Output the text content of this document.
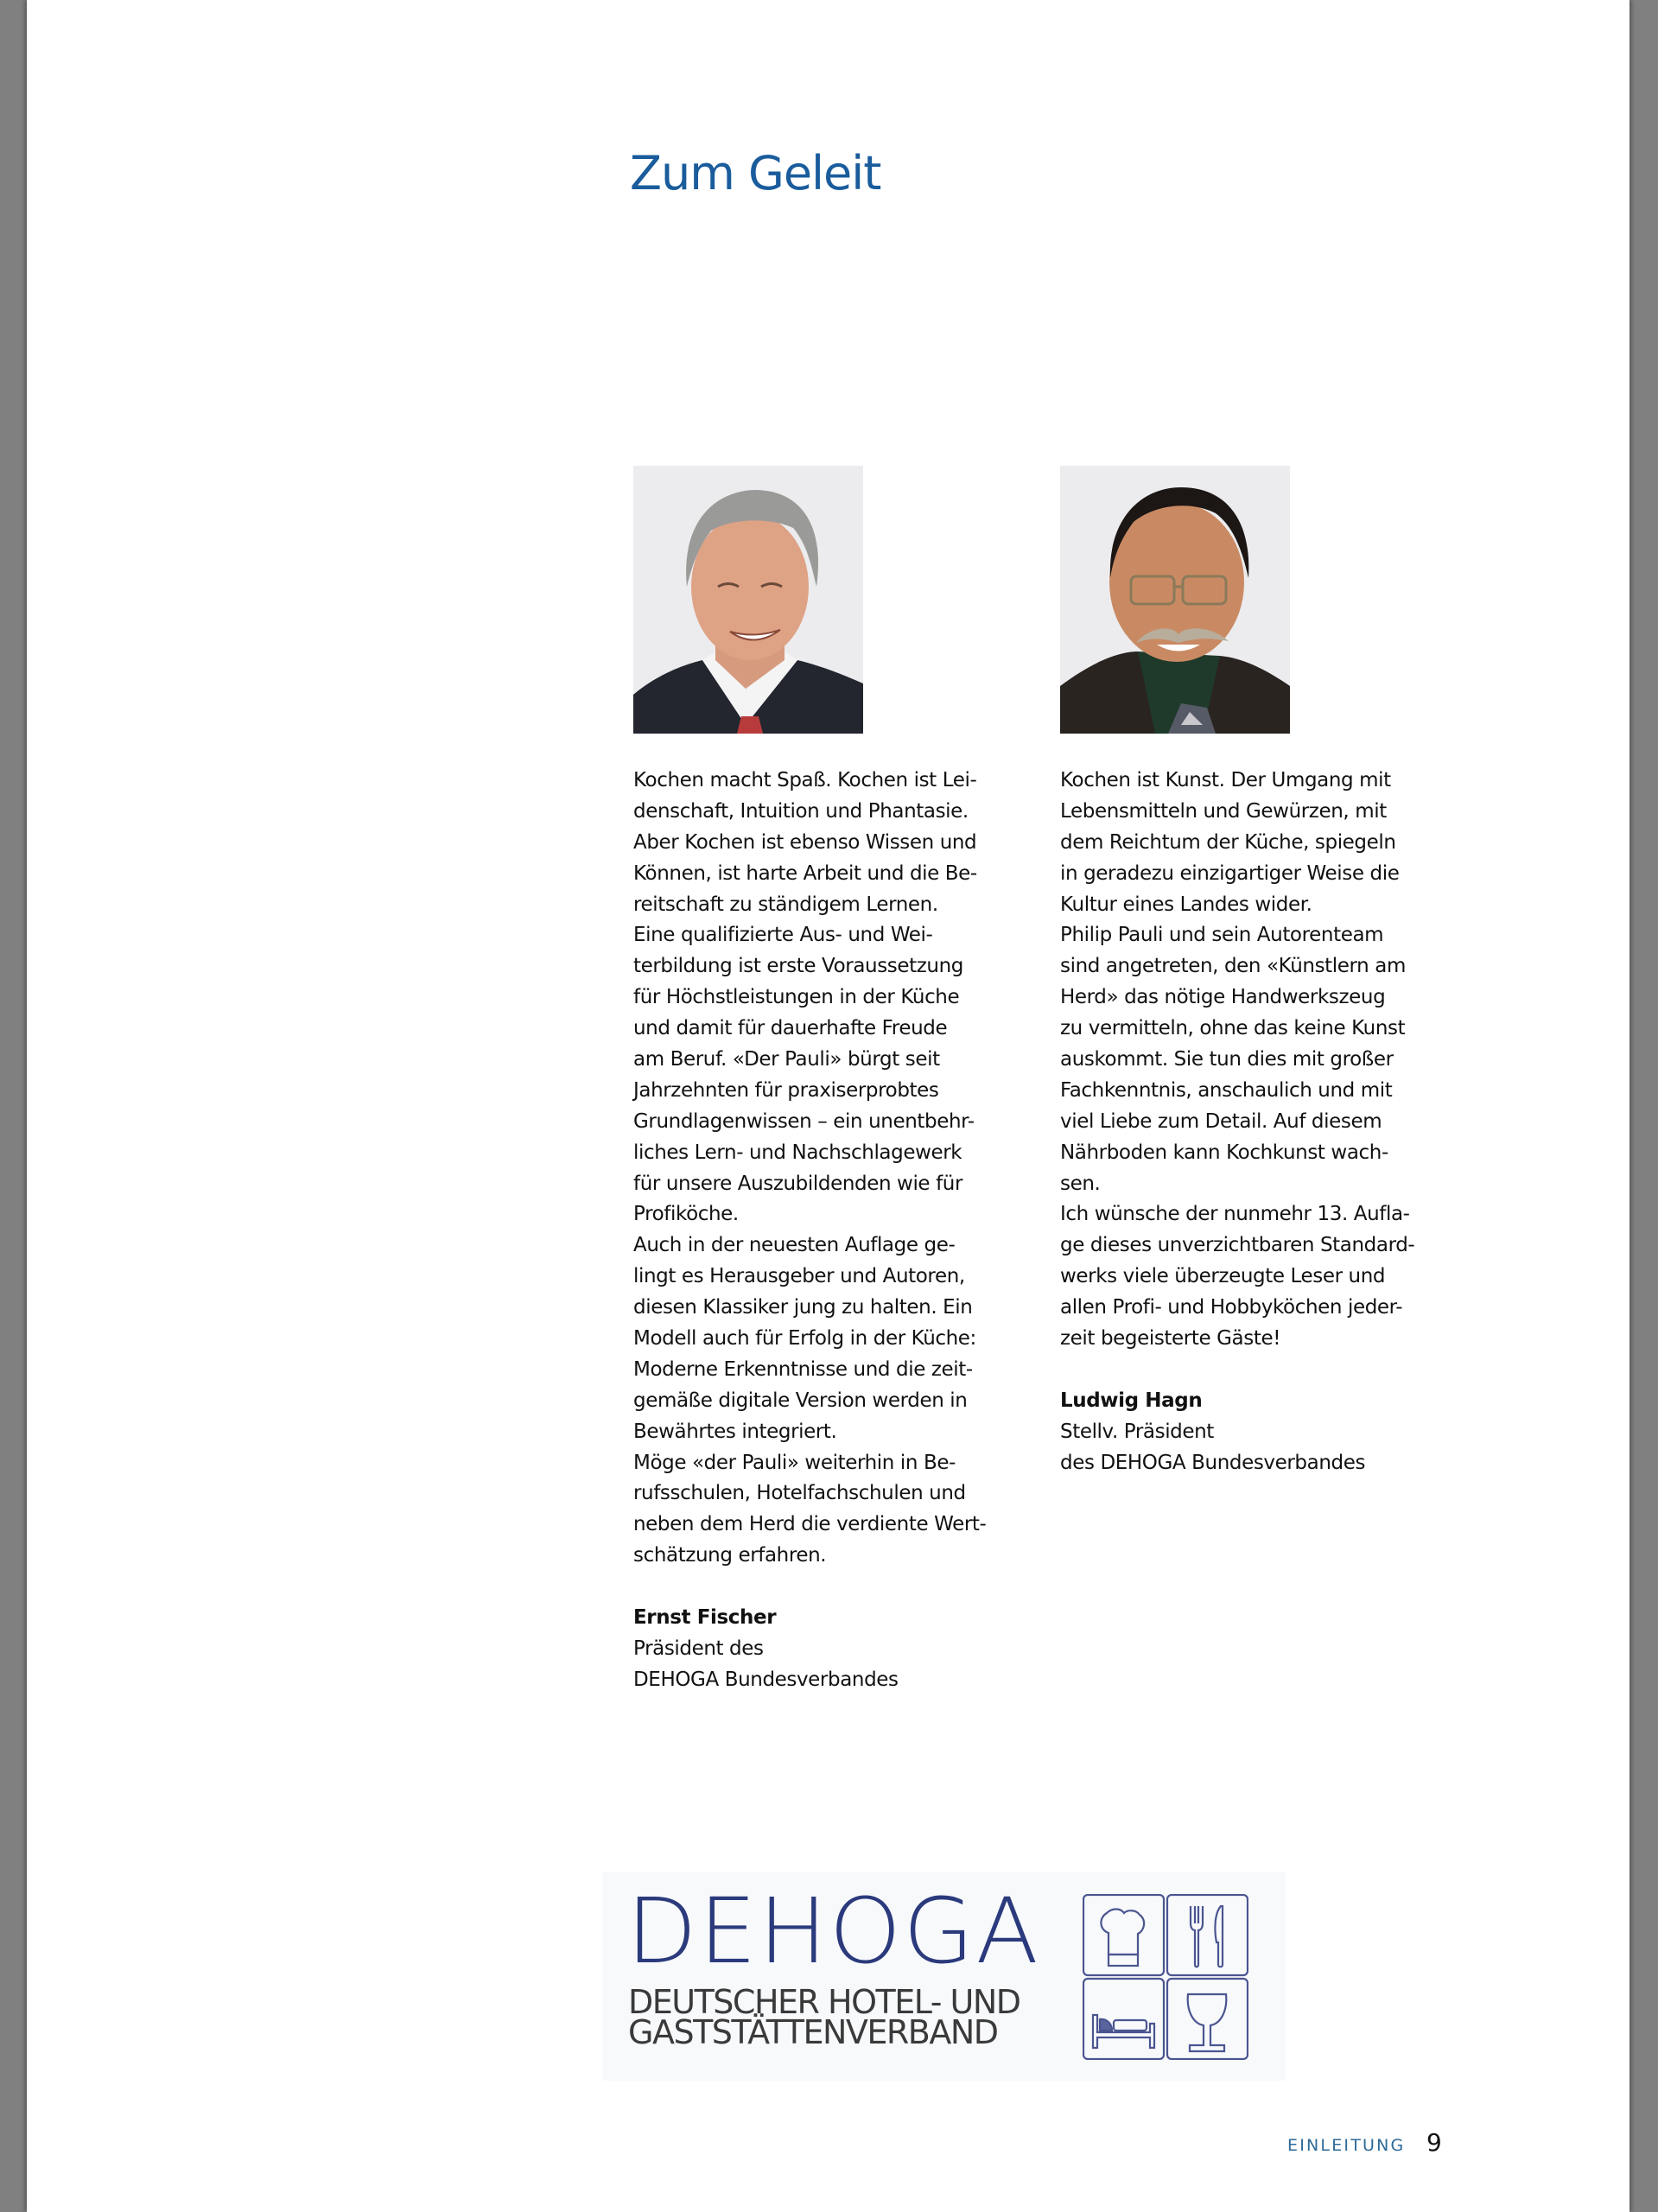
Zum Geleit
Kochen macht Spaß. Kochen ist Lei-
denschaft, Intuition und Phantasie.
Aber Kochen ist ebenso Wissen und
Können, ist harte Arbeit und die Be-
reitschaft zu ständigem Lernen.
Eine qualifizierte Aus- und Wei-
terbildung ist erste Voraussetzung
für Höchstleistungen in der Küche
und damit für dauerhafte Freude
am Beruf. «Der Pauli» bürgt seit
Jahrzehnten für praxiserprobtes
Grundlagenwissen – ein unentbehr-
liches Lern- und Nachschlagewerk
für unsere Auszubildenden wie für
Profiköche.
Auch in der neuesten Auflage ge-
lingt es Herausgeber und Autoren,
diesen Klassiker jung zu halten. Ein
Modell auch für Erfolg in der Küche:
Moderne Erkenntnisse und die zeit-
gemäße digitale Version werden in
Bewährtes integriert.
Möge «der Pauli» weiterhin in Be-
rufsschulen, Hotelfachschulen und
neben dem Herd die verdiente Wert-
schätzung erfahren.
Ernst Fischer
Präsident des
DEHOGA Bundesverbandes
Kochen ist Kunst. Der Umgang mit
Lebensmitteln und Gewürzen, mit
dem Reichtum der Küche, spiegeln
in geradezu einzigartiger Weise die
Kultur eines Landes wider.
Philip Pauli und sein Autorenteam
sind angetreten, den «Künstlern am
Herd» das nötige Handwerkszeug
zu vermitteln, ohne das keine Kunst
auskommt. Sie tun dies mit großer
Fachkenntnis, anschaulich und mit
viel Liebe zum Detail. Auf diesem
Nährboden kann Kochkunst wach-
sen.
Ich wünsche der nunmehr 13. Aufla-
ge dieses unverzichtbaren Standard-
werks viele überzeugte Leser und
allen Profi- und Hobbyköchen jeder-
zeit begeisterte Gäste!
Ludwig Hagn
Stellv. Präsident
des DEHOGA Bundesverbandes
DEHOGA
DEUTSCHER HOTEL- UND
GASTSTÄTTENVERBAND
EINLEITUNG 9
